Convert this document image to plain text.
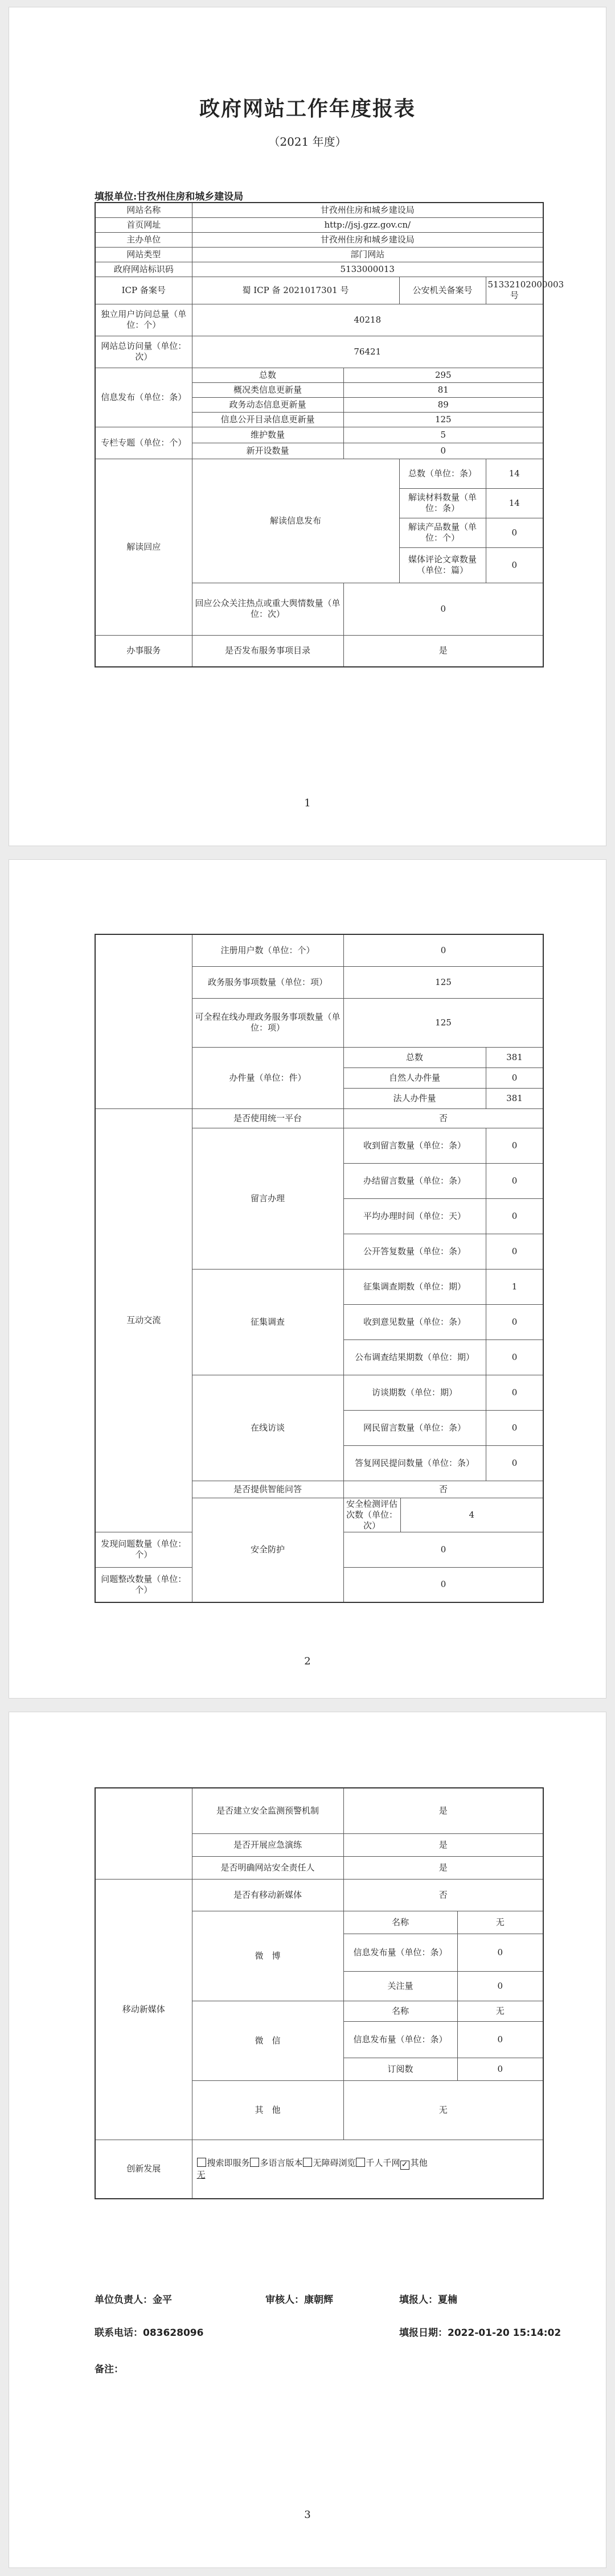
政府网站工作年度报表
（2021 年度）
填报单位:甘孜州住房和城乡建设局
网站名称	甘孜州住房和城乡建设局			
首页网址	http://jsj.gzz.gov.cn/			
主办单位	甘孜州住房和城乡建设局			
网站类型	部门网站			
政府网站标识码	5133000013			
ICP 备案号	蜀 ICP 备 2021017301 号		公安机关备案号	51332102000003 号
独立用户访问总量（单位：个）	40218			
网站总访问量（单位：次）	76421			
信息发布（单位：条）	总数	295		
	概况类信息更新量	81		
	政务动态信息更新量	89		
	信息公开目录信息更新量	125		
专栏专题（单位：个）	维护数量	5		
	新开设数量	0		
解读回应	解读信息发布		总数（单位：条）	14
			解读材料数量（单位：条）	14
			解读产品数量（单位：个）	0
			媒体评论文章数量（单位：篇）	0
	回应公众关注热点或重大舆情数量（单位：次）	0		
办事服务	是否发布服务事项目录	是		
1
	注册用户数（单位：个）	0		
	政务服务事项数量（单位：项）	125		
	可全程在线办理政务服务事项数量（单位：项）	125		
	办件量（单位：件）	总数		381
		自然人办件量		0
		法人办件量		381
互动交流	是否使用统一平台	否		
	留言办理	收到留言数量（单位：条）		0
		办结留言数量（单位：条）		0
		平均办理时间（单位：天）		0
		公开答复数量（单位：条）		0
	征集调查	征集调查期数（单位：期）		1
		收到意见数量（单位：条）		0
		公布调查结果期数（单位：期）		0
	在线访谈	访谈期数（单位：期）		0
		网民留言数量（单位：条）		0
		答复网民提问数量（单位：条）		0
	是否提供智能问答	否		
	安全防护	安全检测评估次数（单位：次）	4	
发现问题数量（单位：个）		0		
问题整改数量（单位：个）		0		
2
	是否建立安全监测预警机制	是	
	是否开展应急演练	是	
	是否明确网站安全责任人	是	
移动新媒体	是否有移动新媒体	否	
	微　博	名称	无
		信息发布量（单位：条）	0
		关注量	0
	微　信	名称	无
		信息发布量（单位：条）	0
		订阅数	0
	其　他	无	
创新发展	搜索即服务 多语言版本 无障碍浏览 千人千网 ✓ 其他
无		
单位负责人：金平	审核人：康朝辉	填报人：夏楠
联系电话：083628096	填报日期：2022-01-20 15:14:02
备注：
3
